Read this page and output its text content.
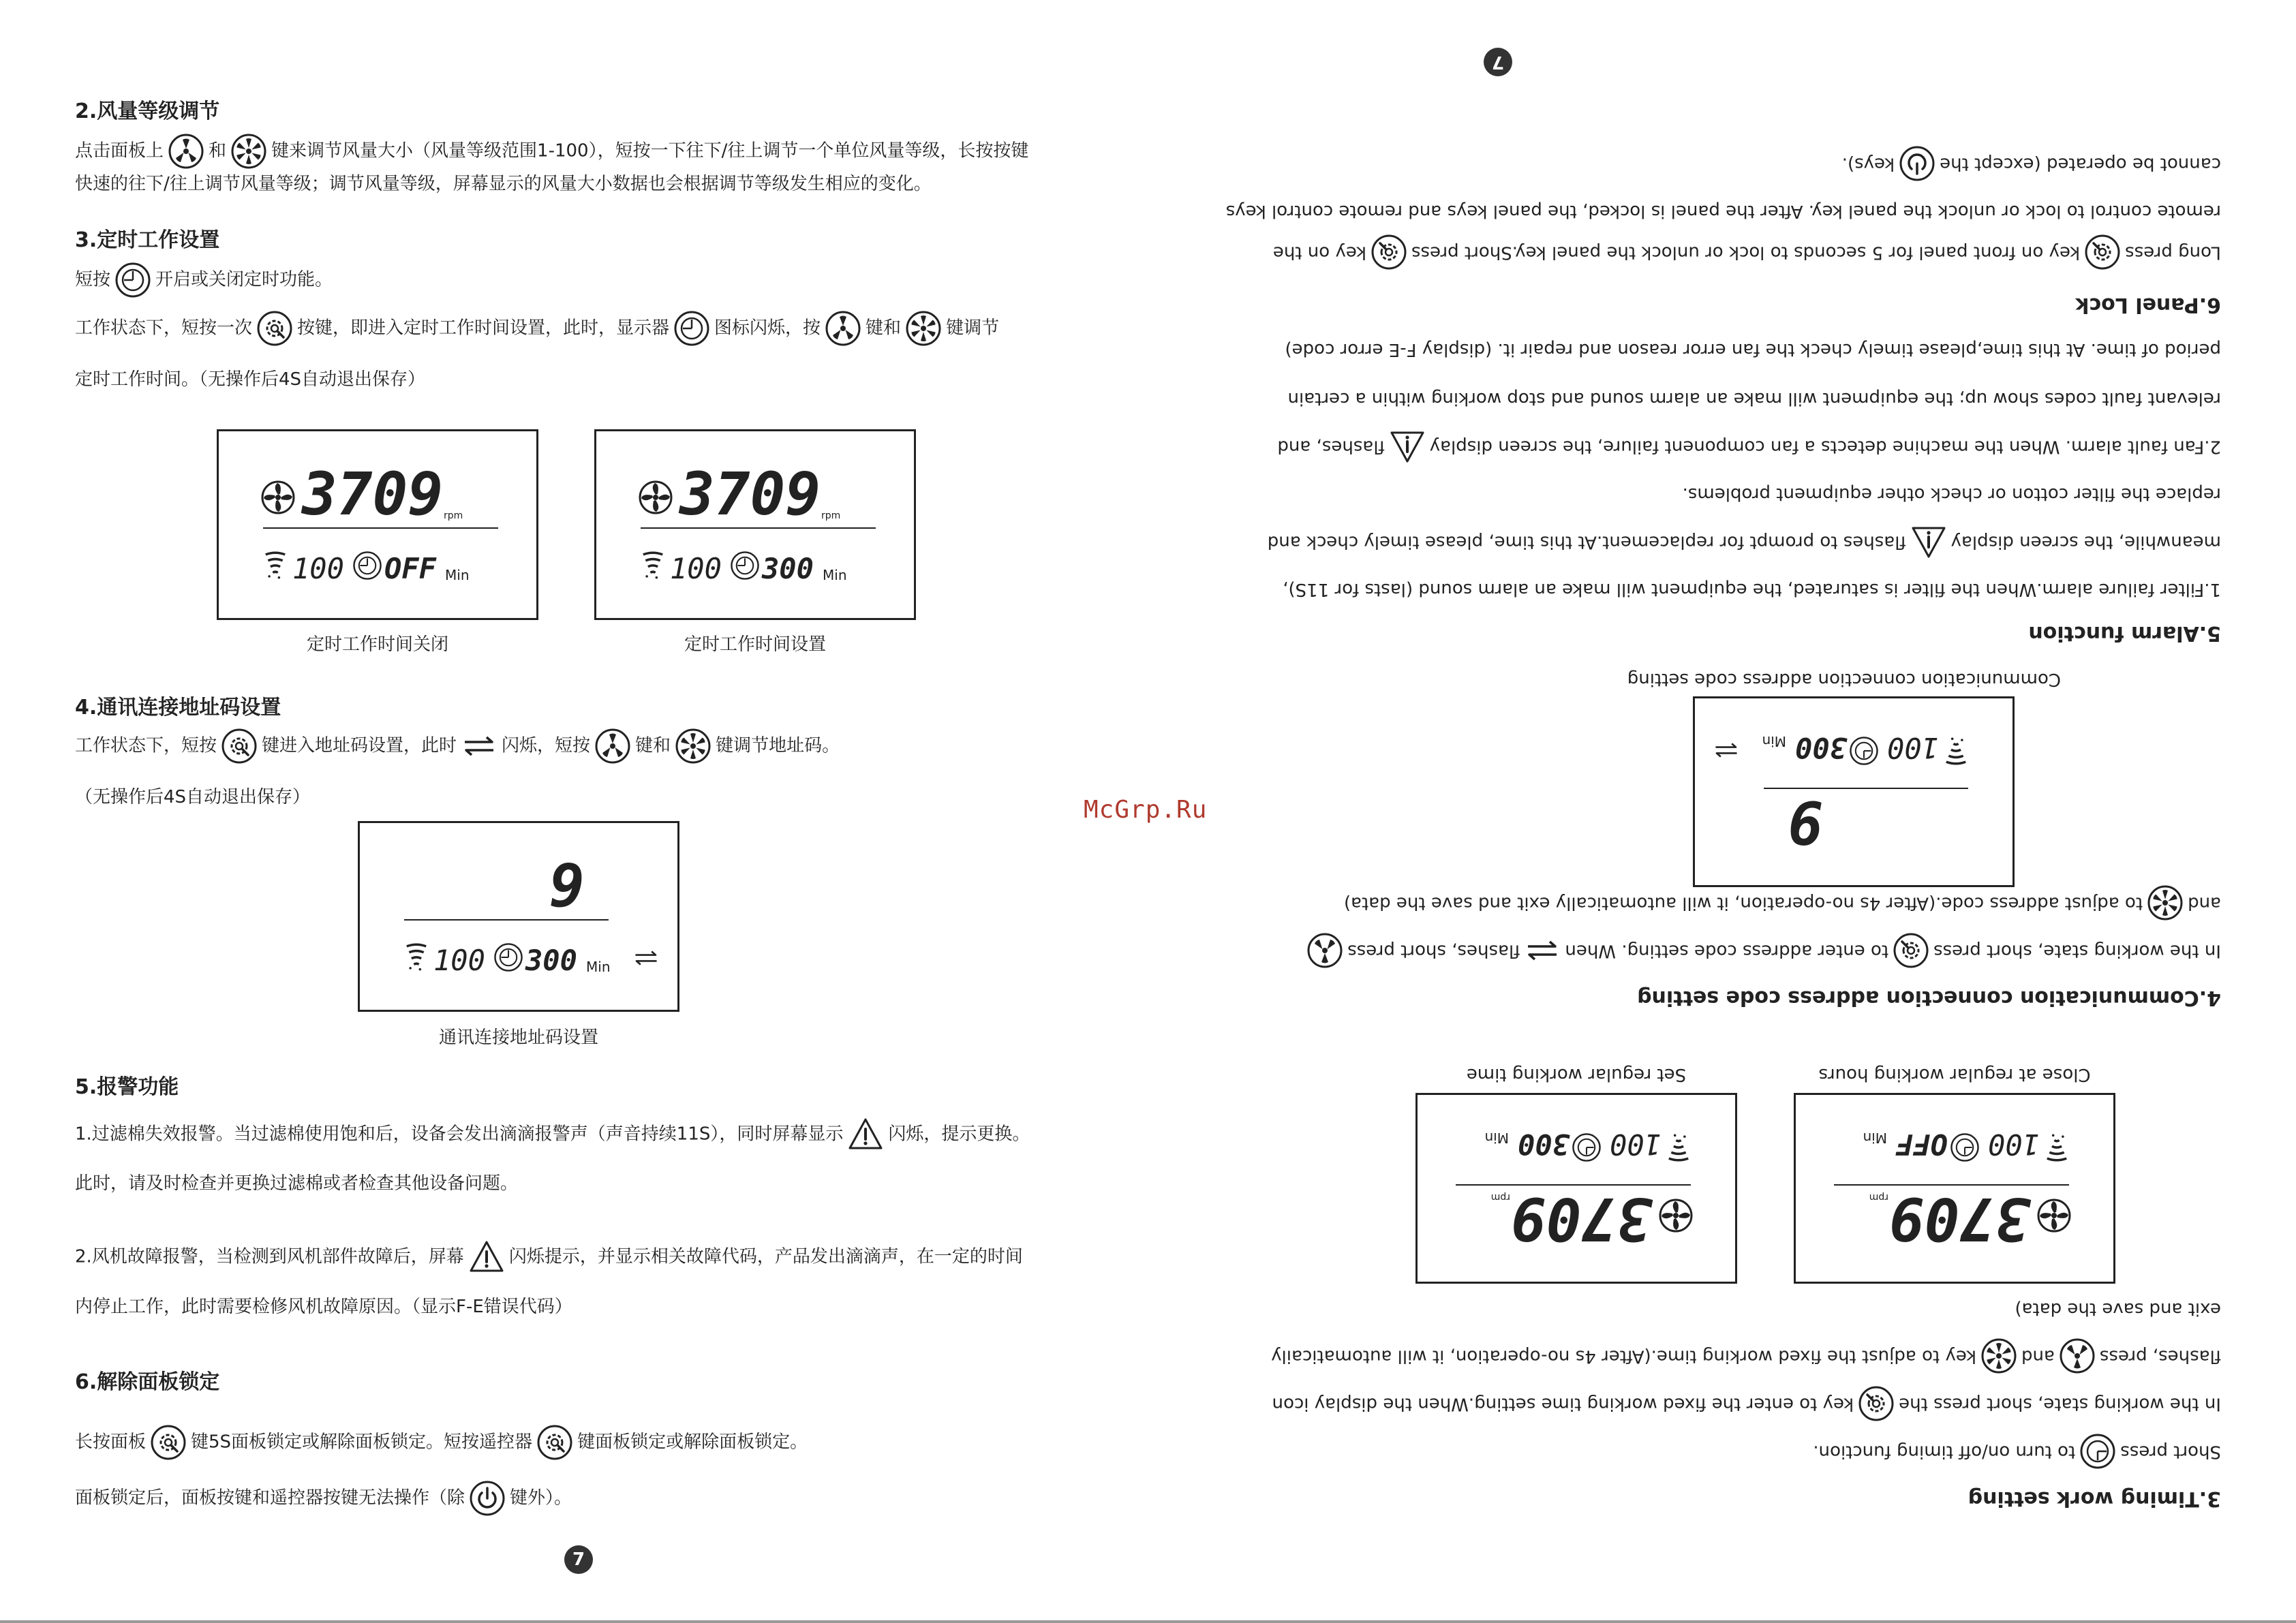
2.风量等级调节
点击面板上	和	键来调节风量大小（风量等级范围1-100），短按一下往下/往上调节一个单位风量等级，长按按键
快速的往下/往上调节风量等级；调节风量等级，屏幕显示的风量大小数据也会根据调节等级发生相应的变化。
3.定时工作设置
短按	开启或关闭定时功能。
工作状态下，短按一次	按键，即进入定时工作时间设置，此时，显示器	图标闪烁，按	键和	键调节
定时工作时间。（无操作后4S自动退出保存）
3709 rpm
100 OFF Min
定时工作时间关闭
3709 rpm
100 300 Min
定时工作时间设置
4.通讯连接地址码设置
工作状态下，短按	键进入地址码设置，此时	闪烁，短按	键和	键调节地址码。
（无操作后4S自动退出保存）
9
100 300 Min
通讯连接地址码设置
5.报警功能
1.过滤棉失效报警。当过滤棉使用饱和后，设备会发出滴滴报警声（声音持续11S），同时屏幕显示	闪烁，提示更换。
此时，请及时检查并更换过滤棉或者检查其他设备问题。
2.风机故障报警，当检测到风机部件故障后，屏幕	闪烁提示，并显示相关故障代码，产品发出滴滴声，在一定的时间
内停止工作，此时需要检修风机故障原因。（显示F-E错误代码）
6.解除面板锁定
长按面板	键5S面板锁定或解除面板锁定。短按遥控器	键面板锁定或解除面板锁定。
面板锁定后，面板按键和遥控器按键无法操作（除	键外）。
7
McGrp.Ru
3.Timing work setting
Short press
to turn on/off timing function.
In the working state, short press the
key to enter the fixed working time setting.When the display icon
flashes, press
and
key to adjust the fixed working time.(After 4s no-operation, it will automaticaily
exit and save the data)
3709
rpm
100
OFF
Min
Close at regular working hours
3709
rpm
100
300
Min
Set regular working time
4.Communication connection address code setting
In the working state, short press
to enter address code setting. When
flashes, short press
and
to adjust address code.(After 4s no-operation, it will automatically exit and save the data)
9
100
300
Min
Communication connection address code setting
5.Alarm function
1.Filter failure alarm.When the filter is saturated, the equipment will make an alarm sound (lasts for 11S),
meanwhile, the screen display
flashes to prompt for replacement.At this time, please timely check and
replace the filter cotton or check other equipment problems.
2.Fan fault alarm. When the machine detects a fan component failure, the screen display
flashes, and
relevant fault codes show up; the equipment will make an alarm sound and stop working within a certain
period of time. At this time,please timely check the fan error reason and repair it. (display F-E error code)
6.Panel Lock
Long press
key on front panel for 5 seconds to lock or unlock the panel key.Short press
key on the
remote control to lock or unlock the panel key. After the panel is locked, the panel keys and remote control keys
cannot be operated (except the
keys).
7
